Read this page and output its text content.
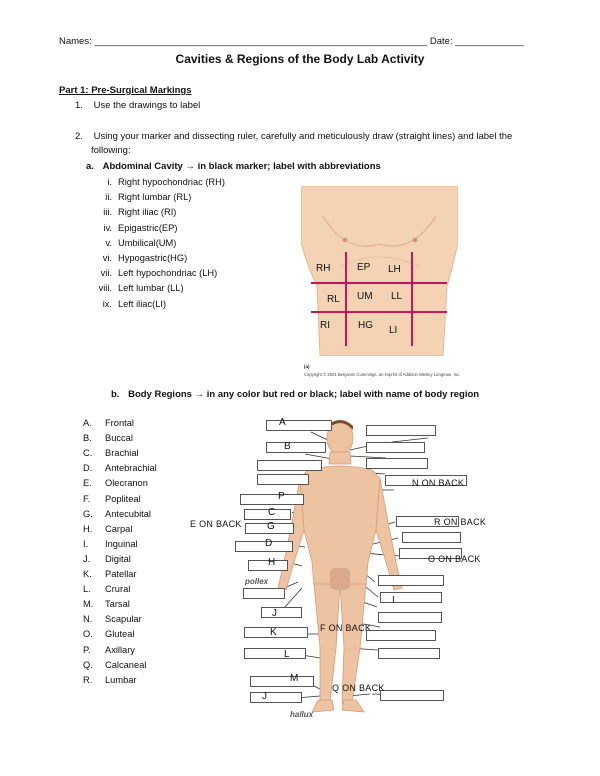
Names: _______________________________________________________________ Date: _____________
Cavities & Regions of the Body Lab Activity
Part 1: Pre-Surgical Markings
1. Use the drawings to label
2. Using your marker and dissecting ruler, carefully and meticulously draw (straight lines) and label the
following:
a. Abdominal Cavity → in black marker; label with abbreviations
i. Right hypochondriac (RH)
ii. Right lumbar (RL)
iii. Right iliac (RI)
iv. Epigastric(EP)
v. Umbilical(UM)
vi. Hypogastric(HG)
vii. Left hypochondriac (LH)
viii. Left lumbar (LL)
ix. Left iliac(LI)
RH	EP LH
RL UM LL
RI	HG LI
(a)
Copyright © 2001 Benjamin Cummings, an imprint of Addison Wesley Longman, Inc.
b. Body Regions → in any color but red or black; label with name of body region
A. Frontal
B. Buccal
C. Brachial
D. Antebrachial
E. Olecranon
F. Popliteal
G. Antecubital
H. Carpal
I. Inguinal
J. Digital
K. Patellar
L. Crural
M. Tarsal
N. Scapular
O. Gluteal
P. Axillary
Q. Calcaneal
R. Lumbar
A
B
P
C
E ON BACK	G
D
H
pollex
J
K
L
M
J
hallux
N ON BACK
R ON BACK
O ON BACK
I
F ON BACK
Q ON BACK
